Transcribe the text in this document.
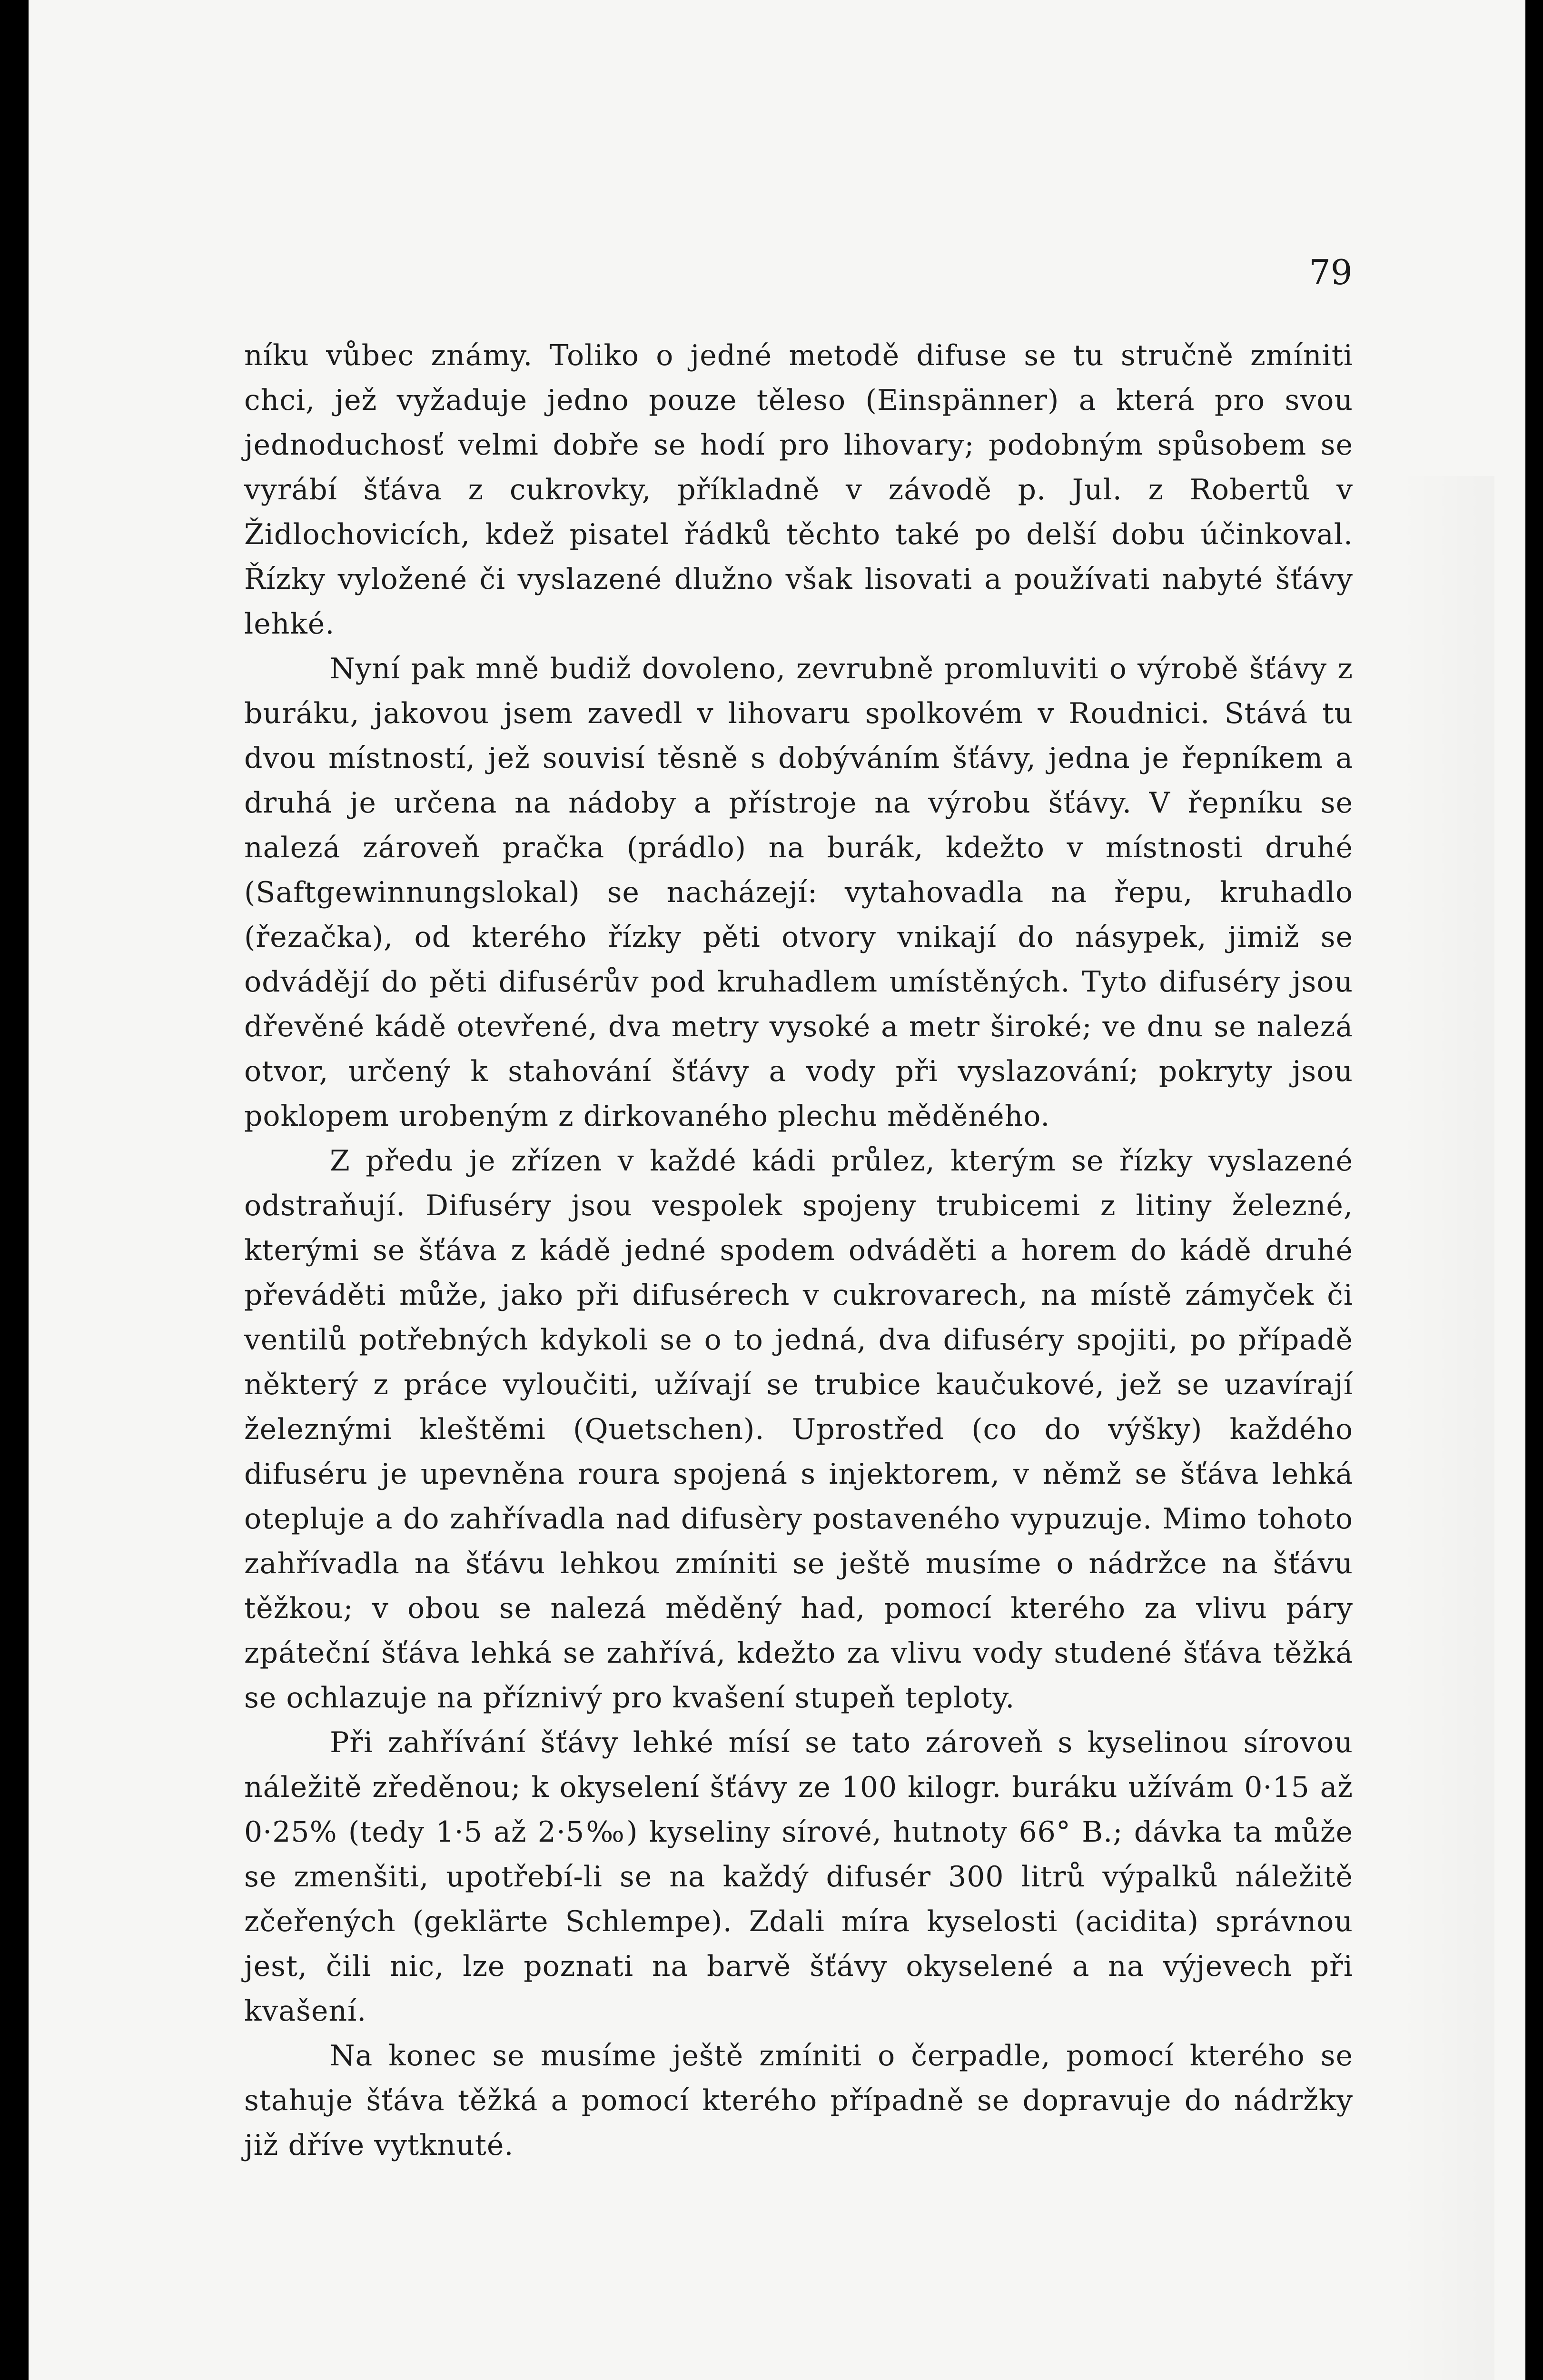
79

níku vůbec známy. Toliko o jedné metodě difuse se tu stručně zmíniti chci, jež vyžaduje jedno pouze těleso (Einspänner) a která pro svou jednoduchosť velmi dobře se hodí pro lihovary; podobným spůsobem se vyrábí šťáva z cukrovky, příkladně v závodě p. Jul. z Robertů v Židlochovicích, kdež pisatel řádků těchto také po delší dobu účinkoval. Řízky vyložené či vyslazené dlužno však lisovati a používati nabyté šťávy lehké.

Nyní pak mně budiž dovoleno, zevrubně promluviti o výrobě šťávy z buráku, jakovou jsem zavedl v lihovaru spolkovém v Roudnici. Stává tu dvou místností, jež souvisí těsně s dobýváním šťávy, jedna je řepníkem a druhá je určena na nádoby a přístroje na výrobu šťávy. V řepníku se nalezá zároveň pračka (prádlo) na burák, kdežto v místnosti druhé (Saftgewinnungslokal) se nacházejí: vytahovadla na řepu, kruhadlo (řezačka), od kterého řízky pěti otvory vnikají do násypek, jimiž se odvádějí do pěti difusérův pod kruhadlem umístěných. Tyto difuséry jsou dřevěné kádě otevřené, dva metry vysoké a metr široké; ve dnu se nalezá otvor, určený k stahování šťávy a vody při vyslazování; pokryty jsou poklopem urobeným z dirkovaného plechu měděného.

Z předu je zřízen v každé kádi průlez, kterým se řízky vyslazené odstraňují. Difuséry jsou vespolek spojeny trubicemi z litiny železné, kterými se šťáva z kádě jedné spodem odváděti a horem do kádě druhé převáděti může, jako při difusérech v cukrovarech, na místě zámyček či ventilů potřebných kdykoli se o to jedná, dva difuséry spojiti, po případě některý z práce vyloučiti, užívají se trubice kaučukové, jež se uzavírají železnými kleštěmi (Quetschen). Uprostřed (co do výšky) každého difuséru je upevněna roura spojená s injektorem, v němž se šťáva lehká otepluje a do zahřívadla nad difusèry postaveného vypuzuje. Mimo tohoto zahřívadla na šťávu lehkou zmíniti se ještě musíme o nádržce na šťávu těžkou; v obou se nalezá měděný had, pomocí kterého za vlivu páry zpáteční šťáva lehká se zahřívá, kdežto za vlivu vody studené šťáva těžká se ochlazuje na příznivý pro kvašení stupeň teploty.

Při zahřívání šťávy lehké mísí se tato zároveň s kyselinou sírovou náležitě zředěnou; k okyselení šťávy ze 100 kilogr. buráku užívám 0·15 až 0·25% (tedy 1·5 až 2·5‰) kyseliny sírové, hutnoty 66° B.; dávka ta může se zmenšiti, upotřebí-li se na každý difusér 300 litrů výpalků náležitě zčeřených (geklärte Schlempe). Zdali míra kyselosti (acidita) správnou jest, čili nic, lze poznati na barvě šťávy okyselené a na výjevech při kvašení.

Na konec se musíme ještě zmíniti o čerpadle, pomocí kterého se stahuje šťáva těžká a pomocí kterého případně se dopravuje do nádržky již dříve vytknuté.
